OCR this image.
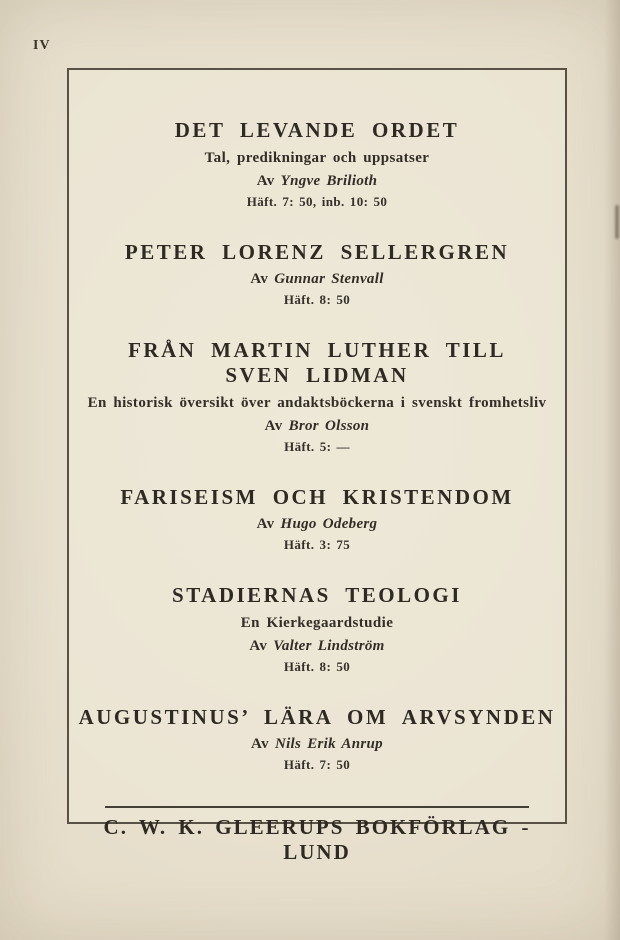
IV
DET LEVANDE ORDET
Tal, predikningar och uppsatser
Av Yngve Brilioth
Häft. 7: 50, inb. 10: 50
PETER LORENZ SELLERGREN
Av Gunnar Stenvall
Häft. 8: 50
FRÅN MARTIN LUTHER TILL
SVEN LIDMAN
En historisk översikt över andaktsböckerna i svenskt fromhetsliv
Av Bror Olsson
Häft. 5: —
FARISEISM OCH KRISTENDOM
Av Hugo Odeberg
Häft. 3: 75
STADIERNAS TEOLOGI
En Kierkegaardstudie
Av Valter Lindström
Häft. 8: 50
AUGUSTINUS’ LÄRA OM ARVSYNDEN
Av Nils Erik Anrup
Häft. 7: 50
C. W. K. GLEERUPS BOKFÖRLAG - LUND
